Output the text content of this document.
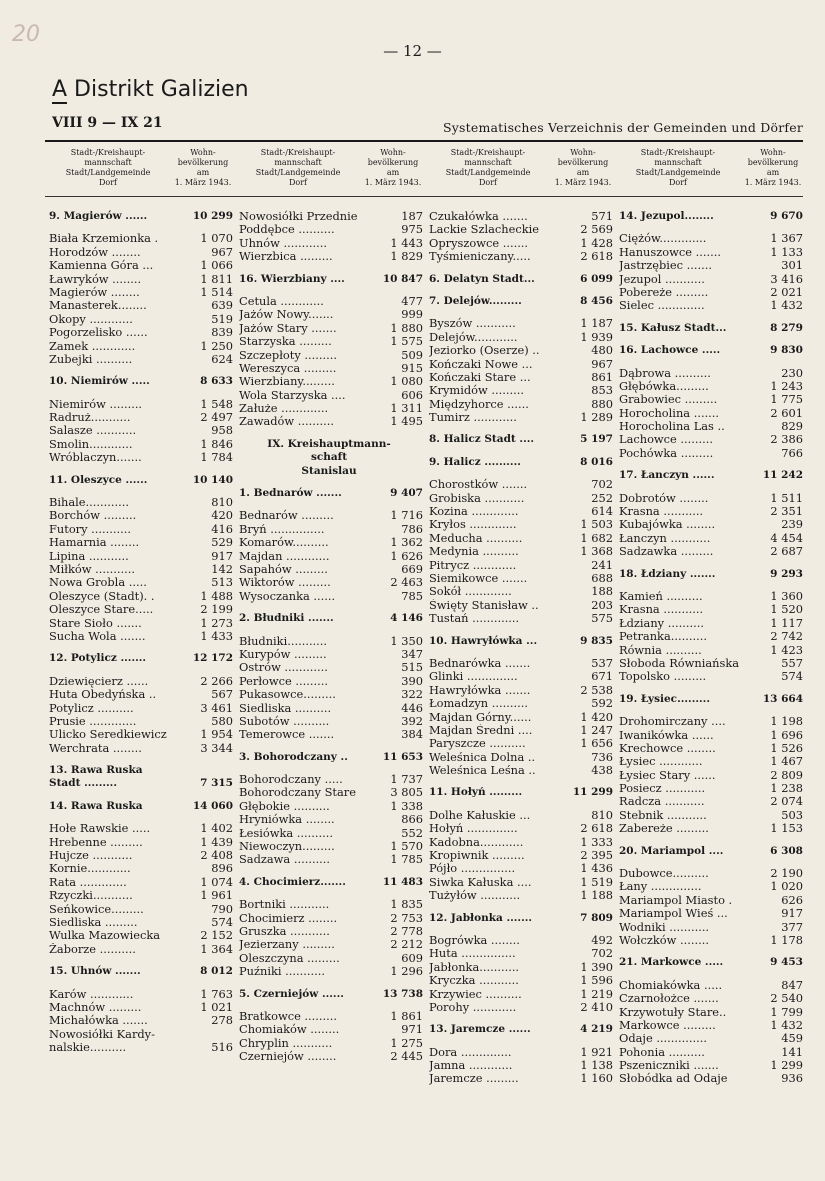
20
— 12 —
A Distrikt Galizien
VIII 9 — IX 21	Systematisches Verzeichnis der Gemeinden und Dörfer
Stadt-/Kreishaupt-
mannschaft
Stadt/Landgemeinde
Dorf
Wohn-
bevölkerung
am
1. März 1943.
9. Magierów ......	10 299
Biała Krzemionka .	1 070
Horodzów ........	967
Kamienna Góra ...	1 066
Ławryków ........	1 811
Magierów ........	1 514
Manasterek........	639
Okopy ............	519
Pogorzelisko ......	839
Zamek ............	1 250
Zubejki ..........	624
10. Niemirów .....	8 633
Niemirów .........	1 548
Radruż...........	2 497
Salasze ...........	958
Smolin............	1 846
Wróblaczyn.......	1 784
11. Oleszyce ......	10 140
Bihale............	810
Borchów .........	420
Futory ...........	416
Hamarnia ........	529
Lipina ...........	917
Miłków ...........	142
Nowa Grobla .....	513
Oleszyce (Stadt). .	1 488
Oleszyce Stare.....	2 199
Stare Sioło .......	1 273
Sucha Wola .......	1 433
12. Potylicz .......	12 172
Dziewięcierz ......	2 266
Huta Obedyńska ..	567
Potylicz ..........	3 461
Prusie .............	580
Ulicko Seredkiewicz	1 954
Werchrata ........	3 344
13. Rawa Ruska
Stadt .........	7 315
14. Rawa Ruska	14 060
Hołe Rawskie .....	1 402
Hrebenne .........	1 439
Hujcze ...........	2 408
Kornie............	896
Rata .............	1 074
Rzyczki...........	1 961
Seńkowice.........	790
Siedliska .........	574
Wulka Mazowiecka	2 152
Żaborze ..........	1 364
15. Uhnów .......	8 012
Karów ............	1 763
Machnów .........	1 021
Michałówka .......	278
Nowosiółki Kardy-
nalskie..........	516
Stadt-/Kreishaupt-
mannschaft
Stadt/Landgemeinde
Dorf
Wohn-
bevölkerung
am
1. März 1943.
Nowosiółki Przednie	187
Poddębce ..........	975
Uhnów ............	1 443
Wierzbica .........	1 829
16. Wierzbiany ....	10 847
Cetula ............	477
Jażów Nowy.......	999
Jażów Stary .......	1 880
Starzyska .........	1 575
Szczepłoty .........	509
Wereszyca .........	915
Wierzbiany.........	1 080
Wola Starzyska ....	606
Załuże .............	1 311
Zawadów ..........	1 495
IX. Kreishauptmann-
schaft
Stanislau
1. Bednarów .......	9 407
Bednarów .........	1 716
Bryń ...............	786
Komarów..........	1 362
Majdan ............	1 626
Sapahów .........	669
Wiktorów .........	2 463
Wysoczanka ......	785
2. Błudniki .......	4 146
Błudniki...........	1 350
Kurypów .........	347
Ostrów ............	515
Perłowce .........	390
Pukasowce.........	322
Siedliska ..........	446
Subotów ..........	392
Temerowce .......	384
3. Bohorodczany ..	11 653
Bohorodczany .....	1 737
Bohorodczany Stare	3 805
Głębokie ..........	1 338
Hryniówka ........	866
Łesiówka ..........	552
Niewoczyn.........	1 570
Sadzawa ..........	1 785
4. Chocimierz.......	11 483
Bortniki ...........	1 835
Chocimierz ........	2 753
Gruszka ...........	2 778
Jezierzany .........	2 212
Oleszczyna .........	609
Puźniki ...........	1 296
5. Czerniejów ......	13 738
Bratkowce .........	1 861
Chomiaków ........	971
Chryplin ...........	1 275
Czerniejów ........	2 445
Stadt-/Kreishaupt-
mannschaft
Stadt/Landgemeinde
Dorf
Wohn-
bevölkerung
am
1. März 1943.
Czukałówka .......	571
Lackie Szlacheckie	2 569
Opryszowce .......	1 428
Tyśmieniczany.....	2 618
6. Delatyn Stadt...	6 099
7. Delejów.........	8 456
Byszów ...........	1 187
Delejów............	1 939
Jeziorko (Oserze) ..	480
Kończaki Nowe ...	967
Kończaki Stare ...	861
Krymidów .........	853
Międzyhorce ......	880
Tumirz ............	1 289
8. Halicz Stadt ....	5 197
9. Halicz ..........	8 016
Chorostków .......	702
Grobiska ...........	252
Kozina .............	614
Kryłos .............	1 503
Meducha ..........	1 682
Medynia ..........	1 368
Pitrycz ............	241
Siemikowce .......	688
Sokół .............	188
Święty Stanisław ..	203
Tustań .............	575
10. Hawryłówka ...	9 835
Bednarówka .......	537
Glinki ..............	671
Hawryłówka .......	2 538
Łomadzyn ..........	592
Majdan Górny......	1 420
Majdan Średni ....	1 247
Paryszcze ..........	1 656
Weleśnica Dolna ..	736
Weleśnica Leśna ..	438
11. Hołyń .........	11 299
Dolhe Kałuskie ...	810
Hołyń ..............	2 618
Kadobna............	1 333
Kropiwnik .........	2 395
Pójło ...............	1 436
Siwka Kałuska ....	1 519
Tużyłów ...........	1 188
12. Jabłonka .......	7 809
Bogrówka ........	492
Huta ...............	702
Jabłonka...........	1 390
Kryczka ...........	1 596
Krzywiec ..........	1 219
Porohy ............	2 410
13. Jaremcze ......	4 219
Dora ..............	1 921
Jamna ............	1 138
Jaremcze .........	1 160
Stadt-/Kreishaupt-
mannschaft
Stadt/Landgemeinde
Dorf
Wohn-
bevölkerung
am
1. März 1943.
14. Jezupol........	9 670
Ciężów.............	1 367
Hanuszowce .......	1 133
Jastrzębiec .......	301
Jezupol ...........	3 416
Pobereże .........	2 021
Sielec .............	1 432
15. Kałusz Stadt...	8 279
16. Lachowce .....	9 830
Dąbrowa ..........	230
Głębówka.........	1 243
Grabowiec .........	1 775
Horocholina .......	2 601
Horocholina Las ..	829
Lachowce .........	2 386
Pochówka .........	766
17. Łanczyn ......	11 242
Dobrotów ........	1 511
Krasna ...........	2 351
Kubajówka ........	239
Łanczyn ...........	4 454
Sadzawka .........	2 687
18. Łdziany .......	9 293
Kamień ..........	1 360
Krasna ...........	1 520
Łdziany ..........	1 117
Petranka..........	2 742
Równia ..........	1 423
Słoboda Równiańska	557
Topolsko .........	574
19. Łysiec.........	13 664
Drohomirczany ....	1 198
Iwanikówka ......	1 696
Krechowce ........	1 526
Łysiec ............	1 467
Łysiec Stary ......	2 809
Posiecz ...........	1 238
Radcza ...........	2 074
Stebnik ...........	503
Zabereże .........	1 153
20. Mariampol ....	6 308
Dubowce..........	2 190
Łany ..............	1 020
Mariampol Miasto .	626
Mariampol Wieś ...	917
Wodniki ...........	377
Wołczków ........	1 178
21. Markowce .....	9 453
Chomiakówka .....	847
Czarnołożce .......	2 540
Krzywotuły Stare..	1 799
Markowce .........	1 432
Odaje ..............	459
Pohonia ..........	141
Pszeniczniki .......	1 299
Słobódka ad Odaje	936
